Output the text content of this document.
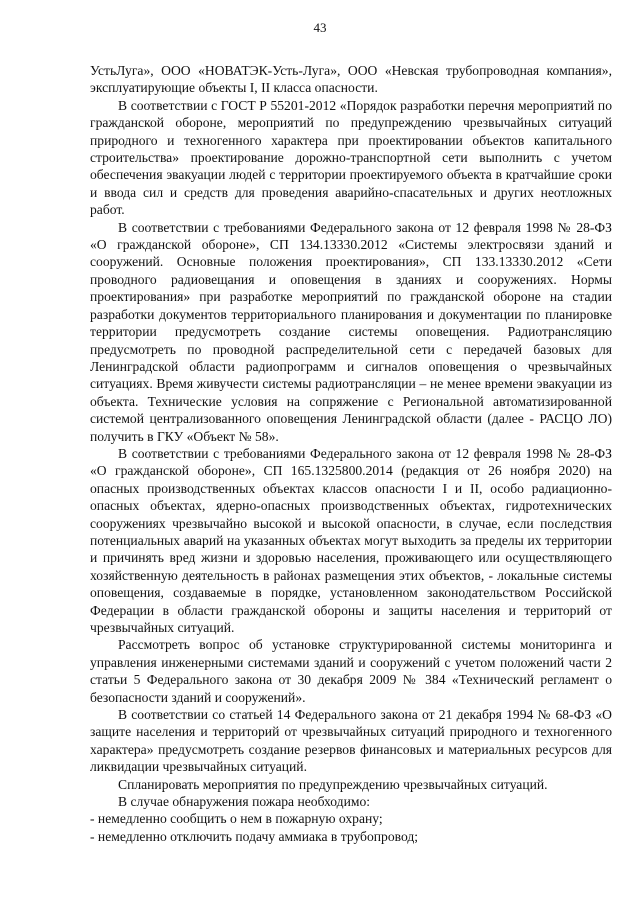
43

УстьЛуга», ООО «НОВАТЭК-Усть-Луга», ООО «Невская трубопроводная компания», эксплуатирующие объекты I, II класса опасности.

В соответствии с ГОСТ Р 55201-2012 «Порядок разработки перечня мероприятий по гражданской обороне, мероприятий по предупреждению чрезвычайных ситуаций природного и техногенного характера при проектировании объектов капитального строительства» проектирование дорожно-транспортной сети выполнить с учетом обеспечения эвакуации людей с территории проектируемого объекта в кратчайшие сроки и ввода сил и средств для проведения аварийно-спасательных и других неотложных работ.

В соответствии с требованиями Федерального закона от 12 февраля 1998 № 28-ФЗ «О гражданской обороне», СП 134.13330.2012 «Системы электросвязи зданий и сооружений. Основные положения проектирования», СП 133.13330.2012 «Сети проводного радиовещания и оповещения в зданиях и сооружениях. Нормы проектирования» при разработке мероприятий по гражданской обороне на стадии разработки документов территориального планирования и документации по планировке территории предусмотреть создание системы оповещения. Радиотрансляцию предусмотреть по проводной распределительной сети с передачей базовых для Ленинградской области радиопрограмм и сигналов оповещения о чрезвычайных ситуациях. Время живучести системы радиотрансляции – не менее времени эвакуации из объекта. Технические условия на сопряжение с Региональной автоматизированной системой централизованного оповещения Ленинградской области (далее - РАСЦО ЛО) получить в ГКУ «Объект № 58».

В соответствии с требованиями Федерального закона от 12 февраля 1998 № 28-ФЗ «О гражданской обороне», СП 165.1325800.2014 (редакция от 26 ноября 2020) на опасных производственных объектах классов опасности I и II, особо радиационно-опасных объектах, ядерно-опасных производственных объектах, гидротехнических сооружениях чрезвычайно высокой и высокой опасности, в случае, если последствия потенциальных аварий на указанных объектах могут выходить за пределы их территории и причинять вред жизни и здоровью населения, проживающего или осуществляющего хозяйственную деятельность в районах размещения этих объектов, - локальные системы оповещения, создаваемые в порядке, установленном законодательством Российской Федерации в области гражданской обороны и защиты населения и территорий от чрезвычайных ситуаций.

Рассмотреть вопрос об установке структурированной системы мониторинга и управления инженерными системами зданий и сооружений с учетом положений части 2 статьи 5 Федерального закона от 30 декабря 2009 № 384 «Технический регламент о безопасности зданий и сооружений».

В соответствии со статьей 14 Федерального закона от 21 декабря 1994 № 68-ФЗ «О защите населения и территорий от чрезвычайных ситуаций природного и техногенного характера» предусмотреть создание резервов финансовых и материальных ресурсов для ликвидации чрезвычайных ситуаций.

Спланировать мероприятия по предупреждению чрезвычайных ситуаций.

В случае обнаружения пожара необходимо:

- немедленно сообщить о нем в пожарную охрану;

- немедленно отключить подачу аммиака в трубопровод;
